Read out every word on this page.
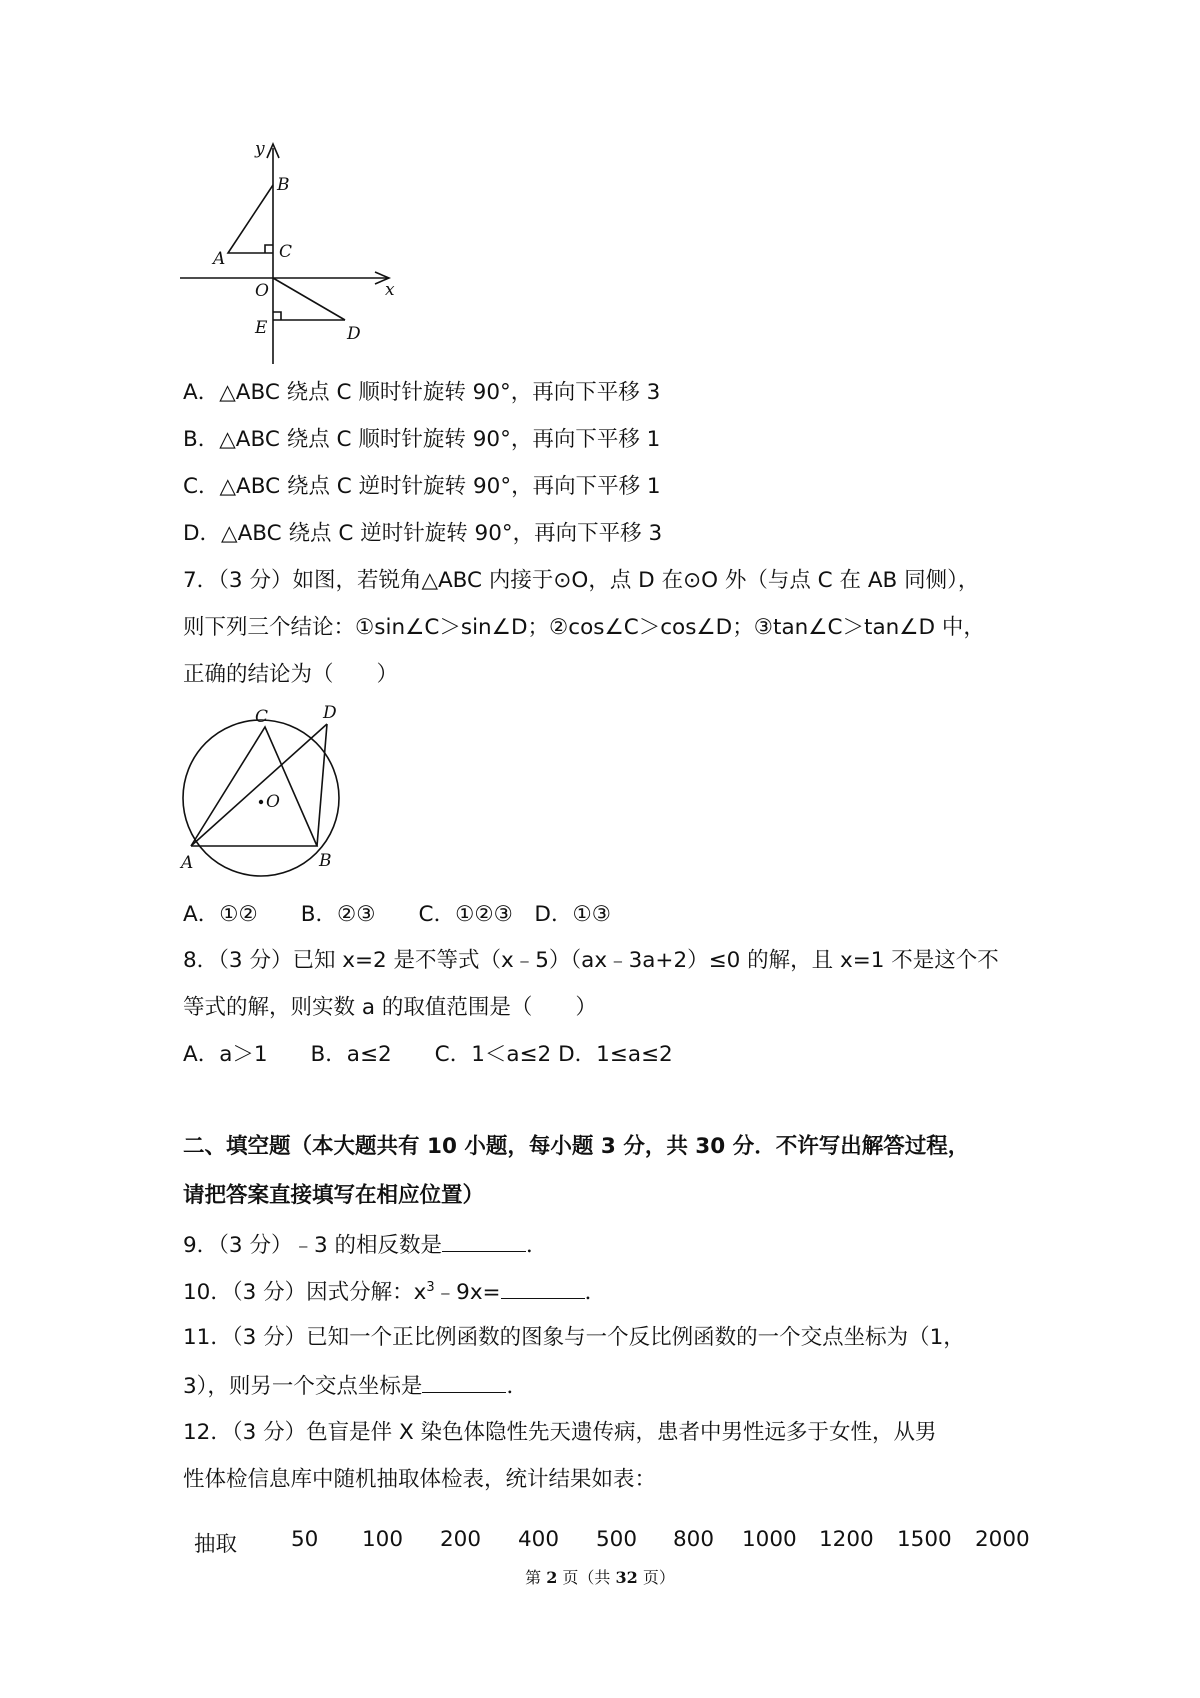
y
B
A	C
O	x
E	D
A．△ABC 绕点 C 顺时针旋转 90°，再向下平移 3
B．△ABC 绕点 C 顺时针旋转 90°，再向下平移 1
C．△ABC 绕点 C 逆时针旋转 90°，再向下平移 1
D．△ABC 绕点 C 逆时针旋转 90°，再向下平移 3
7．（3 分）如图，若锐角△ABC 内接于⊙O，点 D 在⊙O 外（与点 C 在 AB 同侧），
则下列三个结论：①sin∠C＞sin∠D；②cos∠C＞cos∠D；③tan∠C＞tan∠D 中，
正确的结论为（　　）
C	D
O
A	B
A．①②　　B．②③　　C．①②③　D．①③
8．（3 分）已知 x=2 是不等式（x﹣5）（ax﹣3a+2）≤0 的解，且 x=1 不是这个不
等式的解，则实数 a 的取值范围是（　　）
A．a＞1　　B．a≤2　　C．1＜a≤2 D．1≤a≤2
二、填空题（本大题共有 10 小题，每小题 3 分，共 30 分．不许写出解答过程，
请把答案直接填写在相应位置）
9．（3 分）﹣3 的相反数是	．
10．（3 分）因式分解：$x^3﹣9x=$	．
11．（3 分）已知一个正比例函数的图象与一个反比例函数的一个交点坐标为（1，
3），则另一个交点坐标是	．
12．（3 分）色盲是伴 X 染色体隐性先天遗传病，患者中男性远多于女性，从男
性体检信息库中随机抽取体检表，统计结果如表：
抽取	50 100 200 400 500 800 1000 1200 1500 2000
第 2 页（共 32 页）
